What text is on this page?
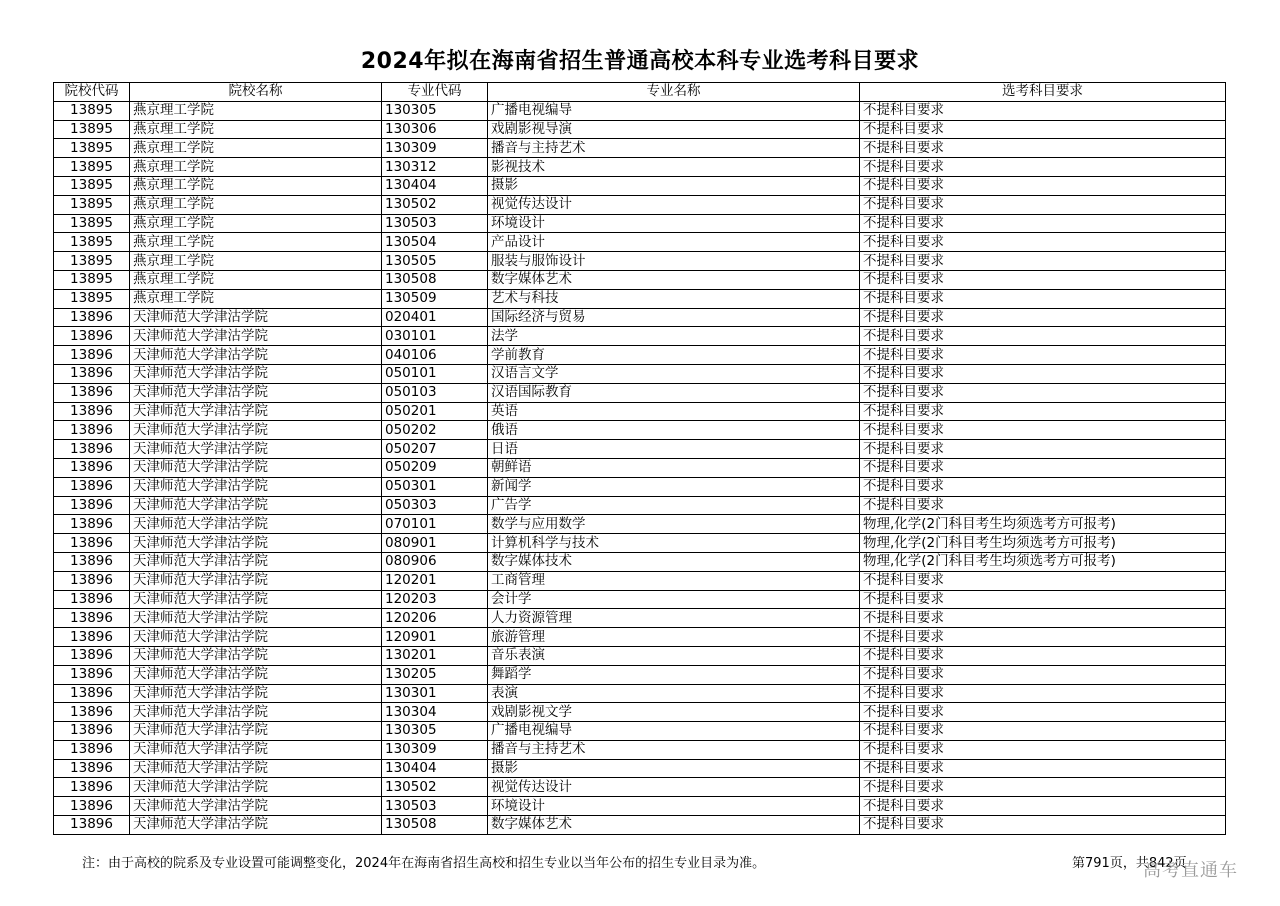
2024年拟在海南省招生普通高校本科专业选考科目要求
院校代码	院校名称	专业代码	专业名称	选考科目要求
13895	燕京理工学院	130305	广播电视编导	不提科目要求
13895	燕京理工学院	130306	戏剧影视导演	不提科目要求
13895	燕京理工学院	130309	播音与主持艺术	不提科目要求
13895	燕京理工学院	130312	影视技术	不提科目要求
13895	燕京理工学院	130404	摄影	不提科目要求
13895	燕京理工学院	130502	视觉传达设计	不提科目要求
13895	燕京理工学院	130503	环境设计	不提科目要求
13895	燕京理工学院	130504	产品设计	不提科目要求
13895	燕京理工学院	130505	服装与服饰设计	不提科目要求
13895	燕京理工学院	130508	数字媒体艺术	不提科目要求
13895	燕京理工学院	130509	艺术与科技	不提科目要求
13896	天津师范大学津沽学院	020401	国际经济与贸易	不提科目要求
13896	天津师范大学津沽学院	030101	法学	不提科目要求
13896	天津师范大学津沽学院	040106	学前教育	不提科目要求
13896	天津师范大学津沽学院	050101	汉语言文学	不提科目要求
13896	天津师范大学津沽学院	050103	汉语国际教育	不提科目要求
13896	天津师范大学津沽学院	050201	英语	不提科目要求
13896	天津师范大学津沽学院	050202	俄语	不提科目要求
13896	天津师范大学津沽学院	050207	日语	不提科目要求
13896	天津师范大学津沽学院	050209	朝鲜语	不提科目要求
13896	天津师范大学津沽学院	050301	新闻学	不提科目要求
13896	天津师范大学津沽学院	050303	广告学	不提科目要求
13896	天津师范大学津沽学院	070101	数学与应用数学	物理,化学(2门科目考生均须选考方可报考)
13896	天津师范大学津沽学院	080901	计算机科学与技术	物理,化学(2门科目考生均须选考方可报考)
13896	天津师范大学津沽学院	080906	数字媒体技术	物理,化学(2门科目考生均须选考方可报考)
13896	天津师范大学津沽学院	120201	工商管理	不提科目要求
13896	天津师范大学津沽学院	120203	会计学	不提科目要求
13896	天津师范大学津沽学院	120206	人力资源管理	不提科目要求
13896	天津师范大学津沽学院	120901	旅游管理	不提科目要求
13896	天津师范大学津沽学院	130201	音乐表演	不提科目要求
13896	天津师范大学津沽学院	130205	舞蹈学	不提科目要求
13896	天津师范大学津沽学院	130301	表演	不提科目要求
13896	天津师范大学津沽学院	130304	戏剧影视文学	不提科目要求
13896	天津师范大学津沽学院	130305	广播电视编导	不提科目要求
13896	天津师范大学津沽学院	130309	播音与主持艺术	不提科目要求
13896	天津师范大学津沽学院	130404	摄影	不提科目要求
13896	天津师范大学津沽学院	130502	视觉传达设计	不提科目要求
13896	天津师范大学津沽学院	130503	环境设计	不提科目要求
13896	天津师范大学津沽学院	130508	数字媒体艺术	不提科目要求
注：由于高校的院系及专业设置可能调整变化，2024年在海南省招生高校和招生专业以当年公布的招生专业目录为准。	第791页，共842页
高考直通车
